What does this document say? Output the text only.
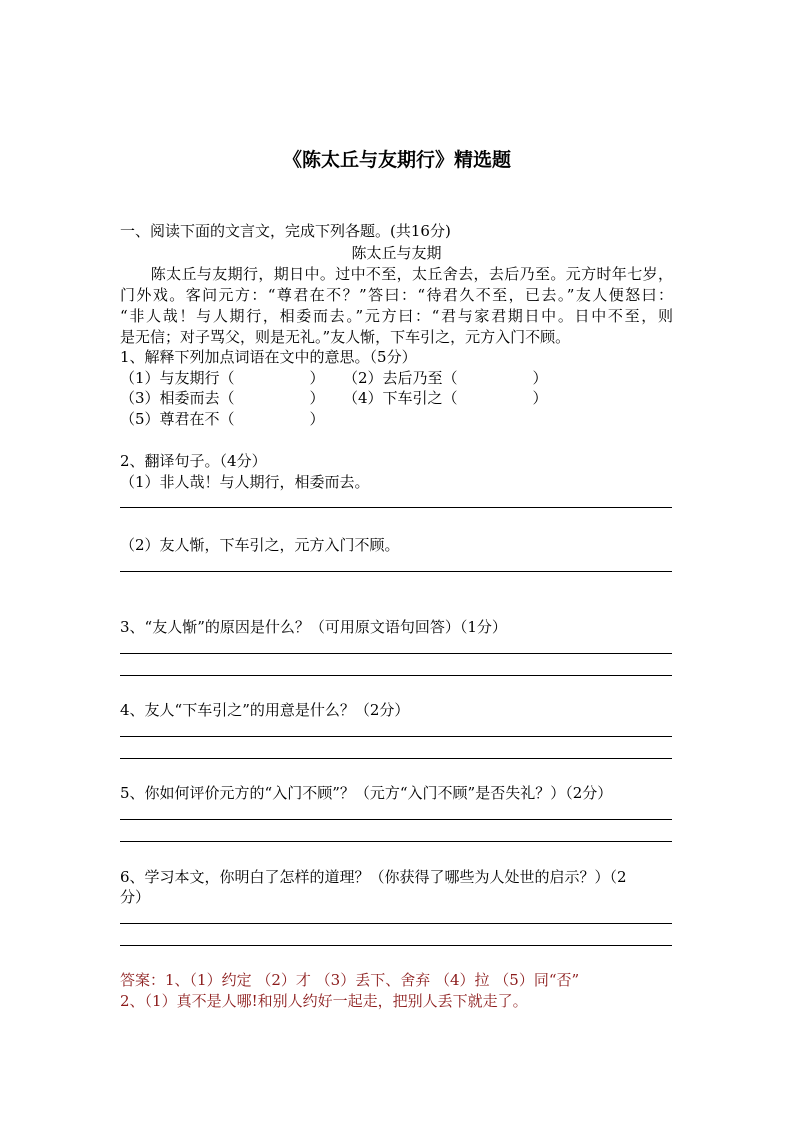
《陈太丘与友期行》精选题
一、阅读下面的文言文，完成下列各题。(共16分)
陈太丘与友期
　　陈太丘与友期行，期日中。过中不至，太丘舍去，去后乃至。元方时年七岁，
门外戏。客问元方：“尊君在不？”答曰：“待君久不至，已去。”友人便怒曰：
“非人哉！与人期行，相委而去。”元方曰：“君与家君期日中。日中不至，则
是无信；对子骂父，则是无礼。”友人惭，下车引之，元方入门不顾。
1、解释下列加点词语在文中的意思。（5分）
（1）与友期行（　　　　　） （2）去后乃至（　　　　　）
（3）相委而去（　　　　　） （4）下车引之（　　　　　）
（5）尊君在不（　　　　　）
2、翻译句子。（4分）
（1）非人哉！与人期行，相委而去。
（2）友人惭，下车引之，元方入门不顾。
3、“友人惭”的原因是什么？（可用原文语句回答）（1分）
4、友人“下车引之”的用意是什么？（2分）
5、你如何评价元方的“入门不顾”？（元方“入门不顾”是否失礼？）（2分）
6、学习本文，你明白了怎样的道理？（你获得了哪些为人处世的启示？）（2
分）
答案：1、（1）约定 （2）才 （3）丢下、舍弃 （4）拉 （5）同“否”
2、（1）真不是人哪!和别人约好一起走，把别人丢下就走了。
